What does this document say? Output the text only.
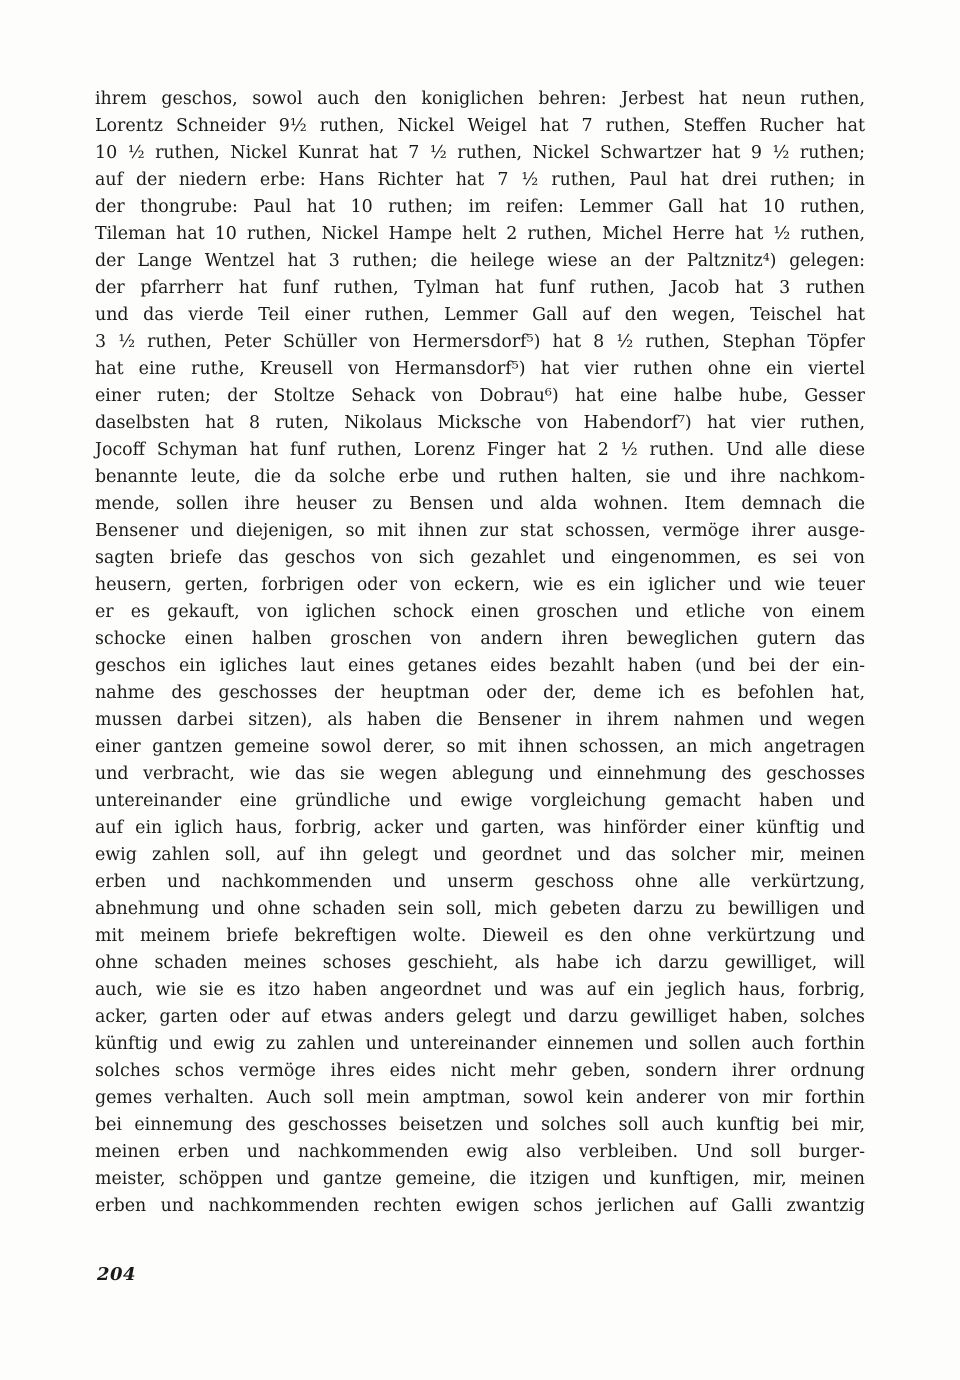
ihrem geschos, sowol auch den koniglichen behren: Jerbest hat neun ruthen,
Lorentz Schneider 9½ ruthen, Nickel Weigel hat 7 ruthen, Steffen Rucher hat
10 ½ ruthen, Nickel Kunrat hat 7 ½ ruthen, Nickel Schwartzer hat 9 ½ ruthen;
auf der niedern erbe: Hans Richter hat 7 ½ ruthen, Paul hat drei ruthen; in
der thongrube: Paul hat 10 ruthen; im reifen: Lemmer Gall hat 10 ruthen,
Tileman hat 10 ruthen, Nickel Hampe helt 2 ruthen, Michel Herre hat ½ ruthen,
der Lange Wentzel hat 3 ruthen; die heilege wiese an der Paltznitz⁴) gelegen:
der pfarrherr hat funf ruthen, Tylman hat funf ruthen, Jacob hat 3 ruthen
und das vierde Teil einer ruthen, Lemmer Gall auf den wegen, Teischel hat
3 ½ ruthen, Peter Schüller von Hermersdorf⁵) hat 8 ½ ruthen, Stephan Töpfer
hat eine ruthe, Kreusell von Hermansdorf⁵) hat vier ruthen ohne ein viertel
einer ruten; der Stoltze Sehack von Dobrau⁶) hat eine halbe hube, Gesser
daselbsten hat 8 ruten, Nikolaus Micksche von Habendorf⁷) hat vier ruthen,
Jocoff Schyman hat funf ruthen, Lorenz Finger hat 2 ½ ruthen. Und alle diese
benannte leute, die da solche erbe und ruthen halten, sie und ihre nachkom-
mende, sollen ihre heuser zu Bensen und alda wohnen. Item demnach die
Bensener und diejenigen, so mit ihnen zur stat schossen, vermöge ihrer ausge-
sagten briefe das geschos von sich gezahlet und eingenommen, es sei von
heusern, gerten, forbrigen oder von eckern, wie es ein iglicher und wie teuer
er es gekauft, von iglichen schock einen groschen und etliche von einem
schocke einen halben groschen von andern ihren beweglichen gutern das
geschos ein igliches laut eines getanes eides bezahlt haben (und bei der ein-
nahme des geschosses der heuptman oder der, deme ich es befohlen hat,
mussen darbei sitzen), als haben die Bensener in ihrem nahmen und wegen
einer gantzen gemeine sowol derer, so mit ihnen schossen, an mich angetragen
und verbracht, wie das sie wegen ablegung und einnehmung des geschosses
untereinander eine gründliche und ewige vorgleichung gemacht haben und
auf ein iglich haus, forbrig, acker und garten, was hinförder einer künftig und
ewig zahlen soll, auf ihn gelegt und geordnet und das solcher mir, meinen
erben und nachkommenden und unserm geschoss ohne alle verkürtzung,
abnehmung und ohne schaden sein soll, mich gebeten darzu zu bewilligen und
mit meinem briefe bekreftigen wolte. Dieweil es den ohne verkürtzung und
ohne schaden meines schoses geschieht, als habe ich darzu gewilliget, will
auch, wie sie es itzo haben angeordnet und was auf ein jeglich haus, forbrig,
acker, garten oder auf etwas anders gelegt und darzu gewilliget haben, solches
künftig und ewig zu zahlen und untereinander einnemen und sollen auch forthin
solches schos vermöge ihres eides nicht mehr geben, sondern ihrer ordnung
gemes verhalten. Auch soll mein amptman, sowol kein anderer von mir forthin
bei einnemung des geschosses beisetzen und solches soll auch kunftig bei mir,
meinen erben und nachkommenden ewig also verbleiben. Und soll burger-
meister, schöppen und gantze gemeine, die itzigen und kunftigen, mir, meinen
erben und nachkommenden rechten ewigen schos jerlichen auf Galli zwantzig
204
